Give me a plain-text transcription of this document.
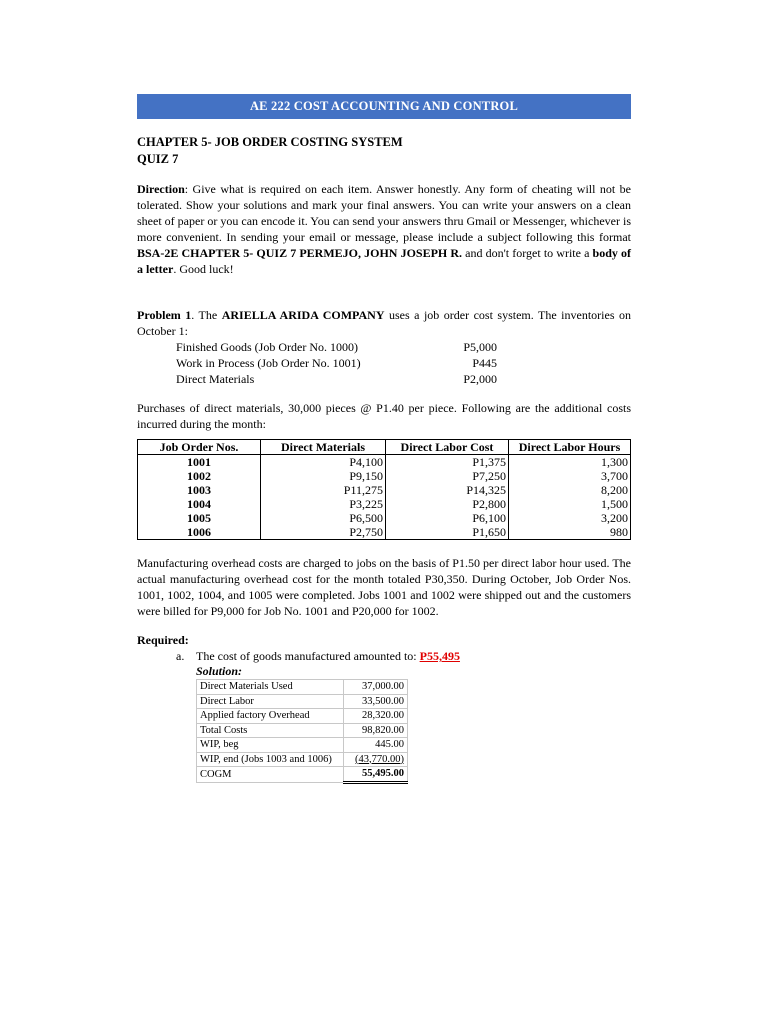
AE 222 COST ACCOUNTING AND CONTROL
CHAPTER 5- JOB ORDER COSTING SYSTEM
QUIZ 7

Direction: Give what is required on each item. Answer honestly. Any form of cheating will not be tolerated. Show your solutions and mark your final answers. You can write your answers on a clean sheet of paper or you can encode it. You can send your answers thru Gmail or Messenger, whichever is more convenient. In sending your email or message, please include a subject following this format BSA-2E CHAPTER 5- QUIZ 7 PERMEJO, JOHN JOSEPH R. and don't forget to write a body of a letter. Good luck!

Problem 1. The ARIELLA ARIDA COMPANY uses a job order cost system. The inventories on October 1:

Finished Goods (Job Order No. 1000)	P5,000
Work in Process (Job Order No. 1001)	P445
Direct Materials	P2,000

Purchases of direct materials, 30,000 pieces @ P1.40 per piece. Following are the additional costs incurred during the month:

Job Order Nos.	Direct Materials	Direct Labor Cost	Direct Labor Hours
1001	P4,100	P1,375	1,300
1002	P9,150	P7,250	3,700
1003	P11,275	P14,325	8,200
1004	P3,225	P2,800	1,500
1005	P6,500	P6,100	3,200
1006	P2,750	P1,650	980

Manufacturing overhead costs are charged to jobs on the basis of P1.50 per direct labor hour used. The actual manufacturing overhead cost for the month totaled P30,350. During October, Job Order Nos. 1001, 1002, 1004, and 1005 were completed. Jobs 1001 and 1002 were shipped out and the customers were billed for P9,000 for Job No. 1001 and P20,000 for 1002.

Required:
a. The cost of goods manufactured amounted to: P55,495
Solution:
Direct Materials Used	37,000.00
Direct Labor	33,500.00
Applied factory Overhead	28,320.00
Total Costs	98,820.00
WIP, beg	445.00
WIP, end (Jobs 1003 and 1006)	(43,770.00)
COGM	55,495.00
